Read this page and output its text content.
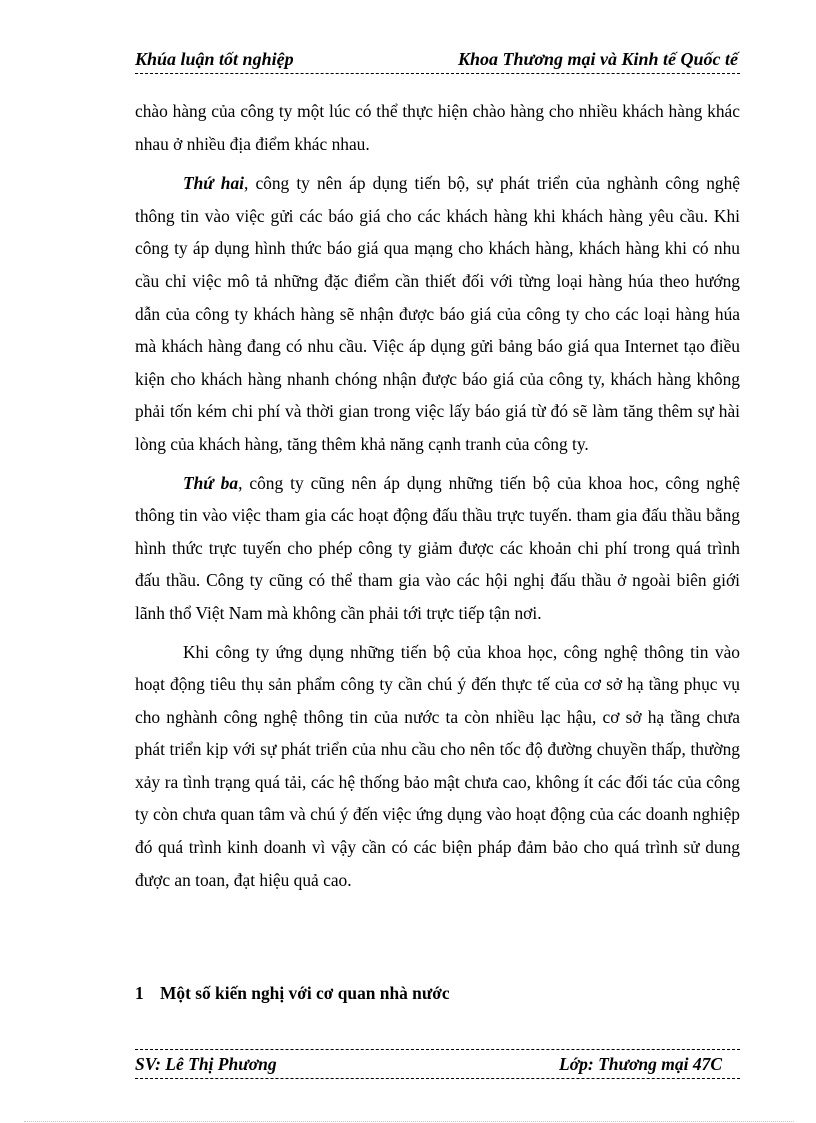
Khúa luận tốt nghiệp	Khoa Thương mại và Kinh tế Quốc tế

chào hàng của công ty một lúc có thể thực hiện chào hàng cho nhiều khách hàng khác nhau ở nhiều địa điểm khác nhau.

Thứ hai, công ty nên áp dụng tiến bộ, sự phát triển của nghành công nghệ thông tin vào việc gửi các báo giá cho các khách hàng khi khách hàng yêu cầu. Khi công ty áp dụng hình thức báo giá qua mạng cho khách hàng, khách hàng khi có nhu cầu chỉ việc mô tả những đặc điểm cần thiết đối với từng loại hàng húa theo hướng dẫn của công ty khách hàng sẽ nhận được báo giá của công ty cho các loại hàng húa mà khách hàng đang có nhu cầu. Việc áp dụng gửi bảng báo giá qua Internet tạo điều kiện cho khách hàng nhanh chóng nhận được báo giá của công ty, khách hàng không phải tốn kém chi phí và thời gian trong việc lấy báo giá từ đó sẽ làm tăng thêm sự hài lòng của khách hàng, tăng thêm khả năng cạnh tranh của công ty.

Thứ ba, công ty cũng nên áp dụng những tiến bộ của khoa hoc, công nghệ thông tin vào việc tham gia các hoạt động đấu thầu trực tuyến. tham gia đấu thầu bằng hình thức trực tuyến cho phép công ty giảm được các khoản chi phí trong quá trình đấu thầu. Công ty cũng có thể tham gia vào các hội nghị đấu thầu ở ngoài biên giới lãnh thổ Việt Nam mà không cần phải tới trực tiếp tận nơi.

Khi công ty ứng dụng những tiến bộ của khoa học, công nghệ thông tin vào hoạt động tiêu thụ sản phẩm công ty cần chú ý đến thực tế của cơ sở hạ tầng phục vụ cho nghành công nghệ thông tin của nước ta còn nhiều lạc hậu, cơ sở hạ tầng chưa phát triển kịp với sự phát triển của nhu cầu cho nên tốc độ đường chuyền thấp, thường xảy ra tình trạng quá tải, các hệ thống bảo mật chưa cao, không ít các đối tác của công ty còn chưa quan tâm và chú ý đến việc ứng dụng vào hoạt động của các doanh nghiệp đó quá trình kinh doanh vì vậy cần có các biện pháp đảm bảo cho quá trình sử dung được an toan, đạt hiệu quả cao.

1 Một số kiến nghị với cơ quan nhà nước
SV: Lê Thị Phương	Lớp: Thương mại 47C
